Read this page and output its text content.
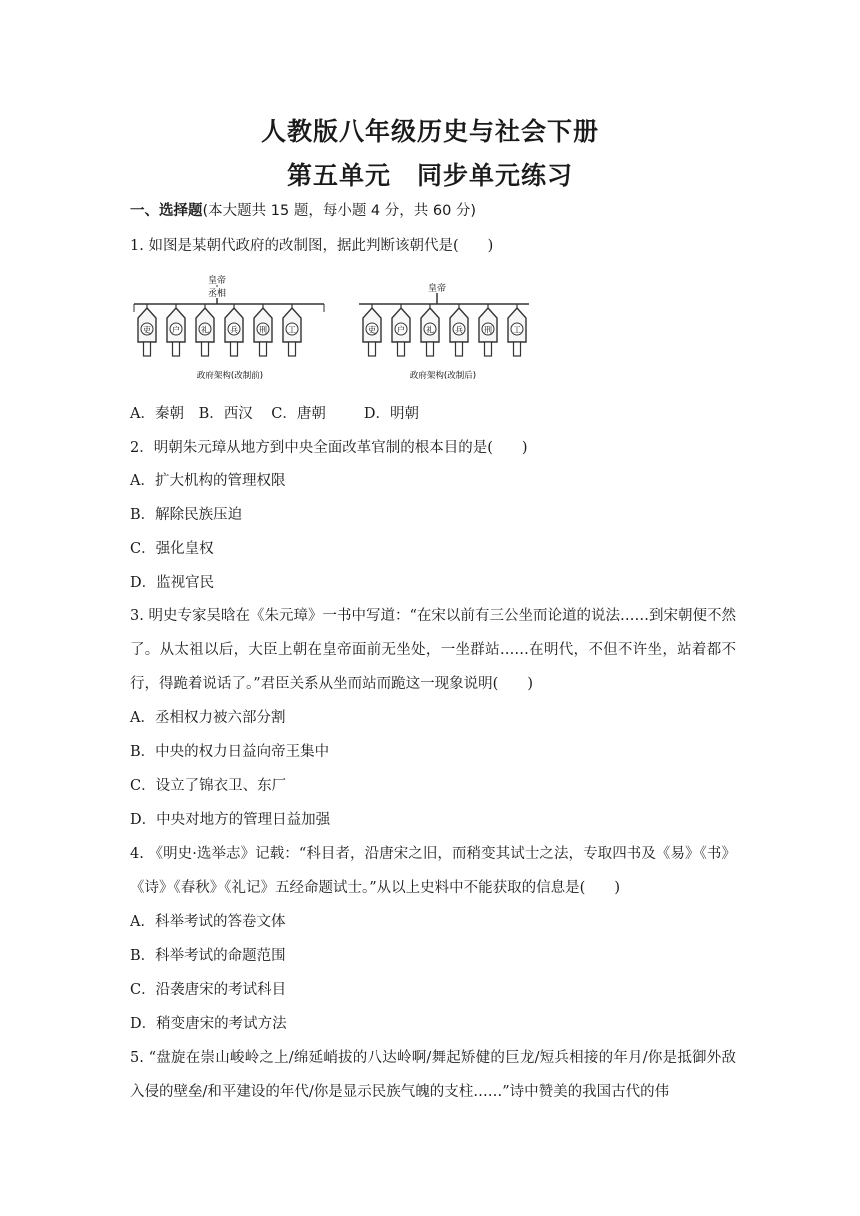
人教版八年级历史与社会下册
第五单元 同步单元练习
一、选择题(本大题共 15 题，每小题 4 分，共 60 分)
1. 如图是某朝代政府的改制图，据此判断该朝代是(　　)
皇帝
丞相
吏	户	礼	兵	刑	工
政府架构(改制前)
皇帝
吏	户	礼	兵	刑	工
政府架构(改制后)
A．秦朝 B．西汉 C．唐朝	D．明朝
2．明朝朱元璋从地方到中央全面改革官制的根本目的是(　　)
A．扩大机构的管理权限
B．解除民族压迫
C．强化皇权
D．监视官民
3. 明史专家吴晗在《朱元璋》一书中写道：“在宋以前有三公坐而论道的说法……到宋朝便不然了。从太祖以后，大臣上朝在皇帝面前无坐处，一坐群站……在明代，不但不许坐，站着都不行，得跪着说话了。”君臣关系从坐而站而跪这一现象说明(　　)
A．丞相权力被六部分割
B．中央的权力日益向帝王集中
C．设立了锦衣卫、东厂
D．中央对地方的管理日益加强
4. 《明史·选举志》记载：“科目者，沿唐宋之旧，而稍变其试士之法，专取四书及《易》《书》《诗》《春秋》《礼记》五经命题试士。”从以上史料中不能获取的信息是(　　)
A．科举考试的答卷文体
B．科举考试的命题范围
C．沿袭唐宋的考试科目
D．稍变唐宋的考试方法
5. “盘旋在崇山峻岭之上/绵延峭拔的八达岭啊/舞起矫健的巨龙/短兵相接的年月/你是抵御外敌入侵的壁垒/和平建设的年代/你是显示民族气魄的支柱……”诗中赞美的我国古代的伟
